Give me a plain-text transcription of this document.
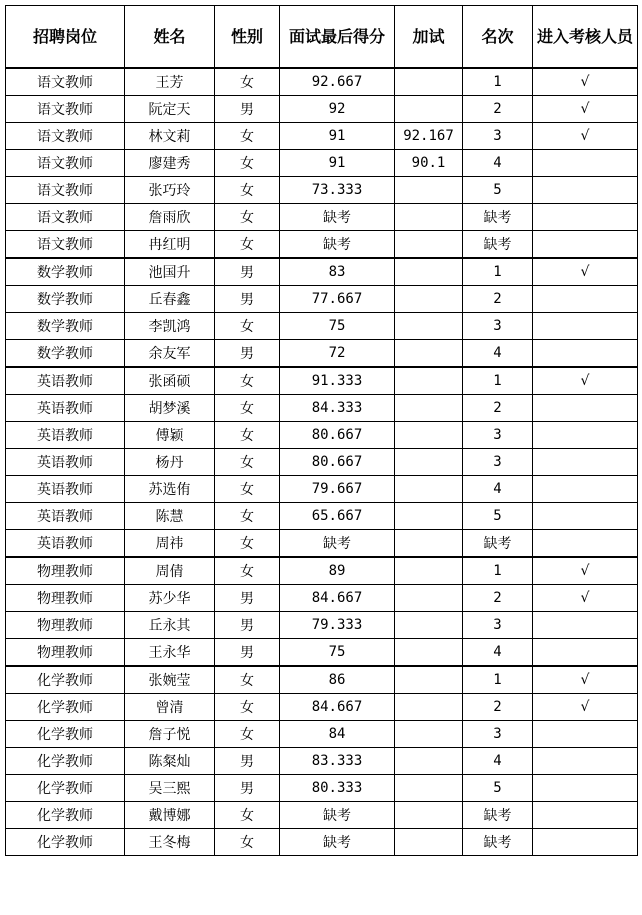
招聘岗位	姓名	性别	面试最后得分	加试	名次	进入考核人员
语文教师	王芳	女	92.667		1	√
语文教师	阮定天	男	92		2	√
语文教师	林文莉	女	91	92.167	3	√
语文教师	廖建秀	女	91	90.1	4	
语文教师	张巧玲	女	73.333		5	
语文教师	詹雨欣	女	缺考		缺考	
语文教师	冉红明	女	缺考		缺考	
数学教师	池国升	男	83		1	√
数学教师	丘春鑫	男	77.667		2	
数学教师	李凯鸿	女	75		3	
数学教师	余友军	男	72		4	
英语教师	张函硕	女	91.333		1	√
英语教师	胡梦溪	女	84.333		2	
英语教师	傅颖	女	80.667		3	
英语教师	杨丹	女	80.667		3	
英语教师	苏选侑	女	79.667		4	
英语教师	陈慧	女	65.667		5	
英语教师	周祎	女	缺考		缺考	
物理教师	周倩	女	89		1	√
物理教师	苏少华	男	84.667		2	√
物理教师	丘永其	男	79.333		3	
物理教师	王永华	男	75		4	
化学教师	张婉莹	女	86		1	√
化学教师	曾清	女	84.667		2	√
化学教师	詹子悦	女	84		3	
化学教师	陈粲灿	男	83.333		4	
化学教师	吴三熙	男	80.333		5	
化学教师	戴博娜	女	缺考		缺考	
化学教师	王冬梅	女	缺考		缺考	
